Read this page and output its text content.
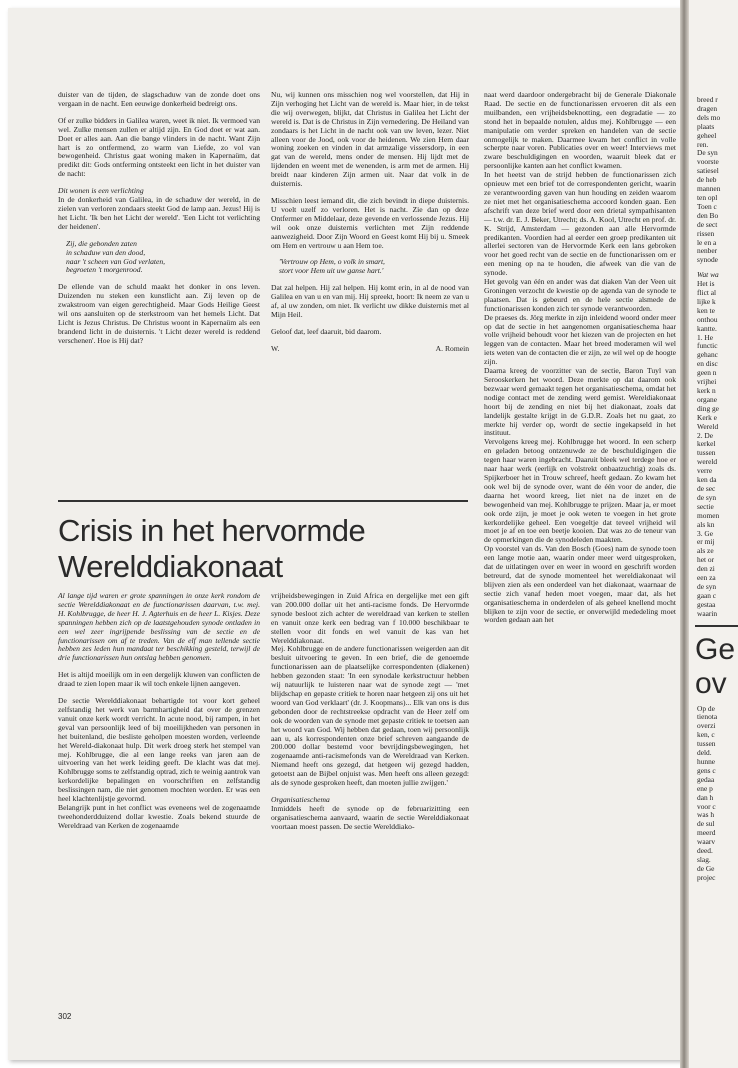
duister van de tijden, de slagschaduw van de zonde doet ons vergaan in de nacht. Een eeuwige donkerheid bedreigt ons.

Of er zulke bidders in Galilea waren, weet ik niet. Ik vermoed van wel. Zulke mensen zullen er altijd zijn. En God doet er wat aan. Doet er alles aan. Aan die bange vlinders in de nacht. Want Zijn hart is zo ontfermend, zo warm van Liefde, zo vol van bewogenheid. Christus gaat woning maken in Kapernaüm, dat predikt dit: Gods ontferming ontsteekt een licht in het duister van de nacht:

Dit wonen is een verlichting

In de donkerheid van Galilea, in de schaduw der wereld, in de zielen van verloren zondaars steekt God de lamp aan. Jezus! Hij is het Licht. 'Ik ben het Licht der wereld'. 'Een Licht tot verlichting der heidenen'.

Zij, die gebonden zaten
in schaduw van den dood,
naar 't scheen van God verlaten,
begroeten 't morgenrood.

De ellende van de schuld maakt het donker in ons leven. Duizenden nu steken een kunstlicht aan. Zij leven op de zwakstroom van eigen gerechtigheid. Maar Gods Heilige Geest wil ons aansluiten op de sterkstroom van het hemels Licht. Dat Licht is Jezus Christus. De Christus woont in Kapernaüm als een brandend licht in de duisternis. 't Licht dezer wereld is reddend verschenen'. Hoe is Hij dat?

Nu, wij kunnen ons misschien nog wel voorstellen, dat Hij in Zijn verhoging het Licht van de wereld is. Maar hier, in de tekst die wij overwegen, blijkt, dat Christus in Galilea het Licht der wereld is. Dat is de Christus in Zijn vernedering. De Heiland van zondaars is het Licht in de nacht ook van uw leven, lezer. Niet alleen voor de Jood, ook voor de heidenen. We zien Hem daar woning zoeken en vinden in dat armzalige vissersdorp, in een gat van de wereld, mens onder de mensen. Hij lijdt met de lijdenden en weent met de wenenden, is arm met de armen. Hij breidt naar kinderen Zijn armen uit. Naar dat volk in de duisternis.

Misschien leest iemand dit, die zich bevindt in diepe duisternis. U voelt uzelf zo verloren. Het is nacht. Zie dan op deze Ontfermer en Middelaar, deze gevende en verlossende Jezus. Hij wil ook onze duisternis verlichten met Zijn reddende aanwezigheid. Door Zijn Woord en Geest komt Hij bij u. Smeek om Hem en vertrouw u aan Hem toe.

'Vertrouw op Hem, o volk in smart,
stort voor Hem uit uw ganse hart.'

Dat zal helpen. Hij zal helpen. Hij komt erin, in al de nood van Galilea en van u en van mij. Hij spreekt, hoort: Ik neem ze van u af, al uw zonden, om niet. Ik verlicht uw dikke duisternis met al Mijn Heil.

Geloof dat, leef daaruit, bid daarom.

W.	A. Romein
Crisis in het hervormde Werelddiakonaat

Al lange tijd waren er grote spanningen in onze kerk rondom de sectie Werelddiakonaat en de functionarissen daarvan, t.w. mej. H. Kohlbrugge, de heer H. J. Agterhuis en de heer L. Kisjes. Deze spanningen hebben zich op de laatstgehouden synode ontladen in een wel zeer ingrijpende beslissing van de sectie en de functionarissen om af te treden. Van de elf man tellende sectie hebben zes leden hun mandaat ter beschikking gesteld, terwijl de drie functionarissen hun ontslag hebben genomen.

Het is altijd moeilijk om in een dergelijk kluwen van conflicten de draad te zien lopen maar ik wil toch enkele lijnen aangeven.

De sectie Werelddiakonaat behartigde tot voor kort geheel zelfstandig het werk van barmhartigheid dat over de grenzen vanuit onze kerk wordt verricht. In acute nood, bij rampen, in het geval van persoonlijk leed of bij moeilijkheden van personen in het buitenland, die besliste geholpen moesten worden, verleende het Wereld-diakonaat hulp. Dit werk droeg sterk het stempel van mej. Kohlbrugge, die al een lange reeks van jaren aan de uitvoering van het werk leiding geeft. De klacht was dat mej. Kohlbrugge soms te zelfstandig optrad, zich te weinig aantrok van kerkordelijke bepalingen en voorschriften en zelfstandig beslissingen nam, die niet genomen mochten worden. Er was een heel klachtenlijstje gevormd.

Belangrijk punt in het conflict was eveneens wel de zogenaamde tweehonderdduizend dollar kwestie. Zoals bekend stuurde de Wereldraad van Kerken de zogenaamde

vrijheidsbewegingen in Zuid Africa en dergelijke met een gift van 200.000 dollar uit het anti-racisme fonds. De Hervormde synode besloot zich achter de wereldraad van kerken te stellen en vanuit onze kerk een bedrag van f 10.000 beschikbaar te stellen voor dit fonds en wel vanuit de kas van het Werelddiakonaat.

Mej. Kohlbrugge en de andere functionarissen weigerden aan dit besluit uitvoering te geven. In een brief, die de genoemde functionarissen aan de plaatselijke correspondenten (diakenen) hebben gezonden staat: 'In een synodale kerkstructuur hebben wij natuurlijk te luisteren naar wat de synode zegt — 'met blijdschap en gepaste critiek te horen naar hetgeen zij ons uit het woord van God verklaart' (dr. J. Koopmans)... Elk van ons is dus gebonden door de rechtstreekse opdracht van de Heer zelf om ook de woorden van de synode met gepaste critiek te toetsen aan het woord van God. Wij hebben dat gedaan, toen wij persoonlijk aan u, als korrespondenten onze brief schreven aangaande de 200.000 dollar bestemd voor bevrijdingsbewegingen, het zogenaamde anti-racismefonds van de Wereldraad van Kerken. Niemand heeft ons gezegd, dat hetgeen wij gezegd hadden, getoetst aan de Bijbel onjuist was. Men heeft ons alleen gezegd: als de synode gesproken heeft, dan moeten jullie zwijgen.'

Organisatieschema

Inmiddels heeft de synode op de februarizitting een organisatieschema aanvaard, waarin de sectie Werelddiakonaat voortaan moest passen. De sectie Werelddiako-

naat werd daardoor ondergebracht bij de Generale Diakonale Raad. De sectie en de functionarissen ervoeren dit als een muilbanden, een vrijheidsbeknotting, een degradatie — zo stond het in bepaalde notulen, aldus mej. Kohlbrugge — een manipulatie om verder spreken en handelen van de sectie onmogelijk te maken. Daarmee kwam het conflict in volle scherpte naar voren. Publicaties over en weer! Interviews met zware beschuldigingen en woorden, waaruit bleek dat er persoonlijke kanten aan het conflict kwamen.

In het heetst van de strijd hebben de functionarissen zich opnieuw met een brief tot de correspondenten gericht, waarin ze verantwoording gaven van hun houding en zeiden waarom ze niet met het organisatieschema accoord konden gaan. Een afschrift van deze brief werd door een drietal sympathisanten — t.w. dr. E. J. Beker, Utrecht; ds. A. Kool, Utrecht en prof. dr. K. Strijd, Amsterdam — gezonden aan alle Hervormde predikanten. Voordien had al eerder een groep predikanten uit allerlei sectoren van de Hervormde Kerk een lans gebroken voor het goed recht van de sectie en de functionarissen om er een mening op na te houden, die afweek van die van de synode.

Het gevolg van één en ander was dat diaken Van der Veen uit Groningen verzocht de kwestie op de agenda van de synode te plaatsen. Dat is gebeurd en de hele sectie alsmede de functionarissen konden zich ter synode verantwoorden.

De praeses ds. Jörg merkte in zijn inleidend woord onder meer op dat de sectie in het aangenomen organisatieschema haar volle vrijheid behoudt voor het kiezen van de projecten en het leggen van de contacten. Maar het breed moderamen wil wel iets weten van de contacten die er zijn, ze wil wel op de hoogte zijn.

Daarna kreeg de voorzitter van de sectie, Baron Tuyl van Serooskerken het woord. Deze merkte op dat daarom ook bezwaar werd gemaakt tegen het organisatieschema, omdat het nodige contact met de zending werd gemist. Wereldiakonaat hoort bij de zending en niet bij het diakonaat, zoals dat landelijk gestalte krijgt in de G.D.R. Zoals het nu gaat, zo merkte hij verder op, wordt de sectie ingekapseld in het instituut.

Vervolgens kreeg mej. Kohlbrugge het woord. In een scherp en geladen betoog ontzenuwde ze de beschuldigingen die tegen haar waren ingebracht. Daaruit bleek wel terdege hoe er naar haar werk (eerlijk en volstrekt onbaatzuchtig) zoals ds. Spijkerboer het in Trouw schreef, heeft gedaan. Zo kwam het ook wel bij de synode over, want de één voor de ander, die daarna het woord kreeg, liet niet na de inzet en de bewogenheid van mej. Kohlbrugge te prijzen. Maar ja, er moet ook orde zijn, je moet je ook weten te voegen in het grote kerkordelijke geheel. Een voegeltje dat teveel vrijheid wil moet je af en toe een beetje kooien. Dat was zo de teneur van de opmerkingen die de synodeleden maakten.

Op voorstel van ds. Van den Bosch (Goes) nam de synode toen een lange motie aan, waarin onder meer werd uitgesproken, dat de uitlatingen over en weer in woord en geschrift worden betreurd, dat de synode momenteel het wereldiakonaat wil blijven zien als een onderdeel van het diakonaat, waarnaar de sectie zich vanaf heden moet voegen, maar dat, als het organisatieschema in onderdelen of als geheel knellend mocht blijken te zijn voor de sectie, er onverwijld mededeling moet worden gedaan aan het

302
breed r
dragen
dels mo
plaats
geheel
ren.
De syn
voorste
satiesel
de heb
mannen
ten opl
Toen c
den Bo
de sect
rissen
le en a
nenber
synode
Wat wa
Het is
flict al
lijke k
ken te
onthou
kantte.
1. He
functic
gehanc
en disc
geen n
vrijhei
kerk n
organe
ding ge
Kerk e
Wereld
2. De
kerkel
tussen
wereld
verre
ken da
de sec
de syn
sectie
momen
als kn
3. Ge
er mij
als ze
het or
den zi
een za
de syn
gaan c
gestaa
waarin
Ge
ov
Op de
tienota
overzi
ken, c
tussen
deld.
hunne
gens c
gedaa
ene p
dan h
voor c
was h
de sul
meerd
waarv
deed.
slag.
de Ge
projec
